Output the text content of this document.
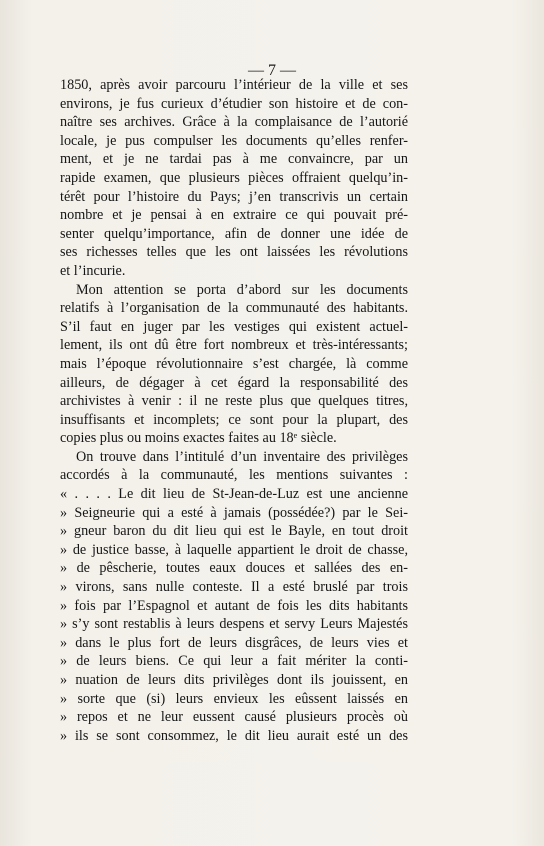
— 7 —
1850, après avoir parcouru l’intérieur de la ville et ses
environs, je fus curieux d’étudier son histoire et de con-
naître ses archives. Grâce à la complaisance de l’autorié
locale, je pus compulser les documents qu’elles renfer-
ment, et je ne tardai pas à me convaincre, par un
rapide examen, que plusieurs pièces offraient quelqu’in-
térêt pour l’histoire du Pays; j’en transcrivis un certain
nombre et je pensai à en extraire ce qui pouvait pré-
senter quelqu’importance, afin de donner une idée de
ses richesses telles que les ont laissées les révolutions
et l’incurie.
Mon attention se porta d’abord sur les documents
relatifs à l’organisation de la communauté des habitants.
S’il faut en juger par les vestiges qui existent actuel-
lement, ils ont dû être fort nombreux et très-intéressants;
mais l’époque révolutionnaire s’est chargée, là comme
ailleurs, de dégager à cet égard la responsabilité des
archivistes à venir : il ne reste plus que quelques titres,
insuffisants et incomplets; ce sont pour la plupart, des
copies plus ou moins exactes faites au 18ᵉ siècle.
On trouve dans l’intitulé d’un inventaire des privilèges
accordés à la communauté, les mentions suivantes :
« . . . . Le dit lieu de St-Jean-de-Luz est une ancienne
» Seigneurie qui a esté à jamais (possédée?) par le Sei-
» gneur baron du dit lieu qui est le Bayle, en tout droit
» de justice basse, à laquelle appartient le droit de chasse,
» de pêscherie, toutes eaux douces et sallées des en-
» virons, sans nulle conteste. Il a esté bruslé par trois
» fois par l’Espagnol et autant de fois les dits habitants
» s’y sont restablis à leurs despens et servy Leurs Majestés
» dans le plus fort de leurs disgrâces, de leurs vies et
» de leurs biens. Ce qui leur a fait mériter la conti-
» nuation de leurs dits privilèges dont ils jouissent, en
» sorte que (si) leurs envieux les eûssent laissés en
» repos et ne leur eussent causé plusieurs procès où
» ils se sont consommez, le dit lieu aurait esté un des
